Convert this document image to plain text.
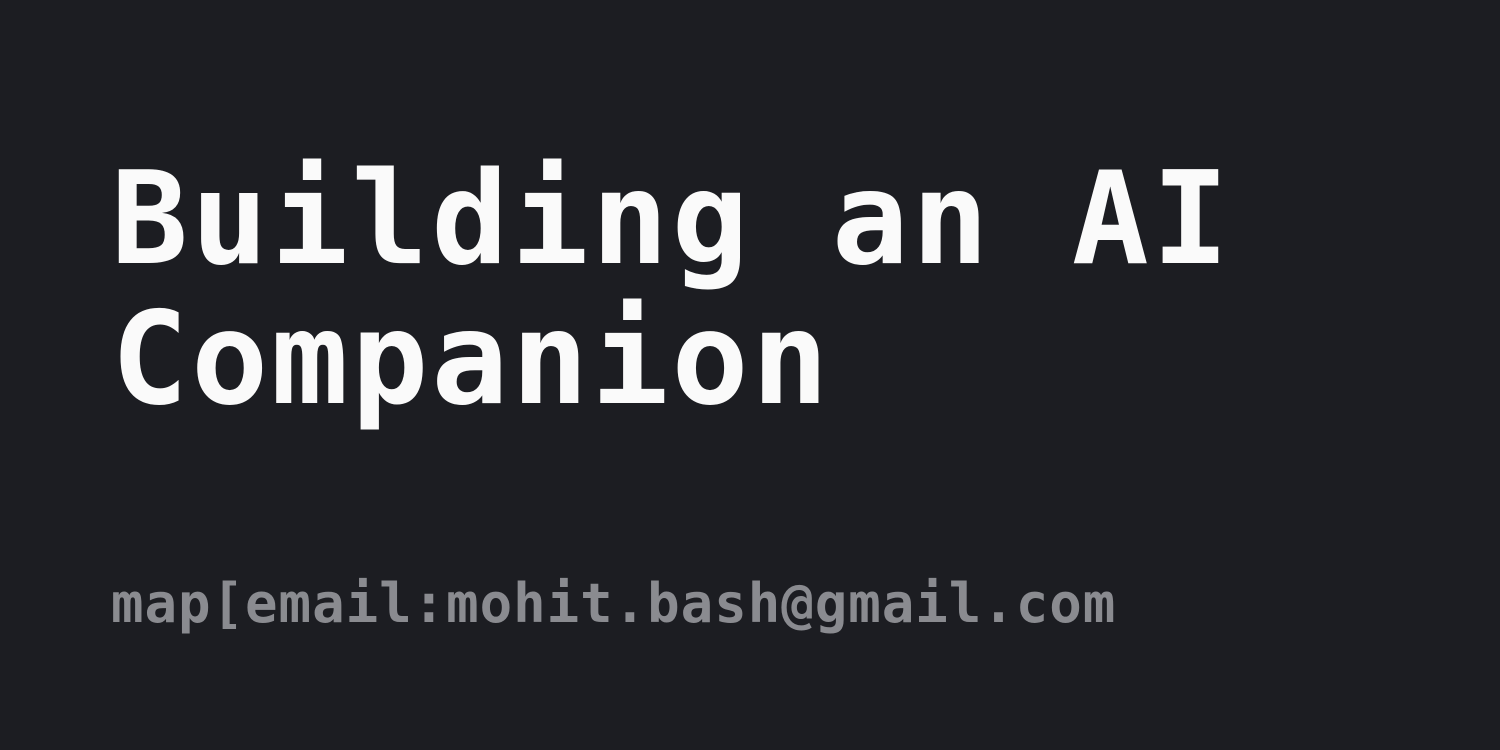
Building an AI
Companion

map[email:mohit.bash@gmail.com
